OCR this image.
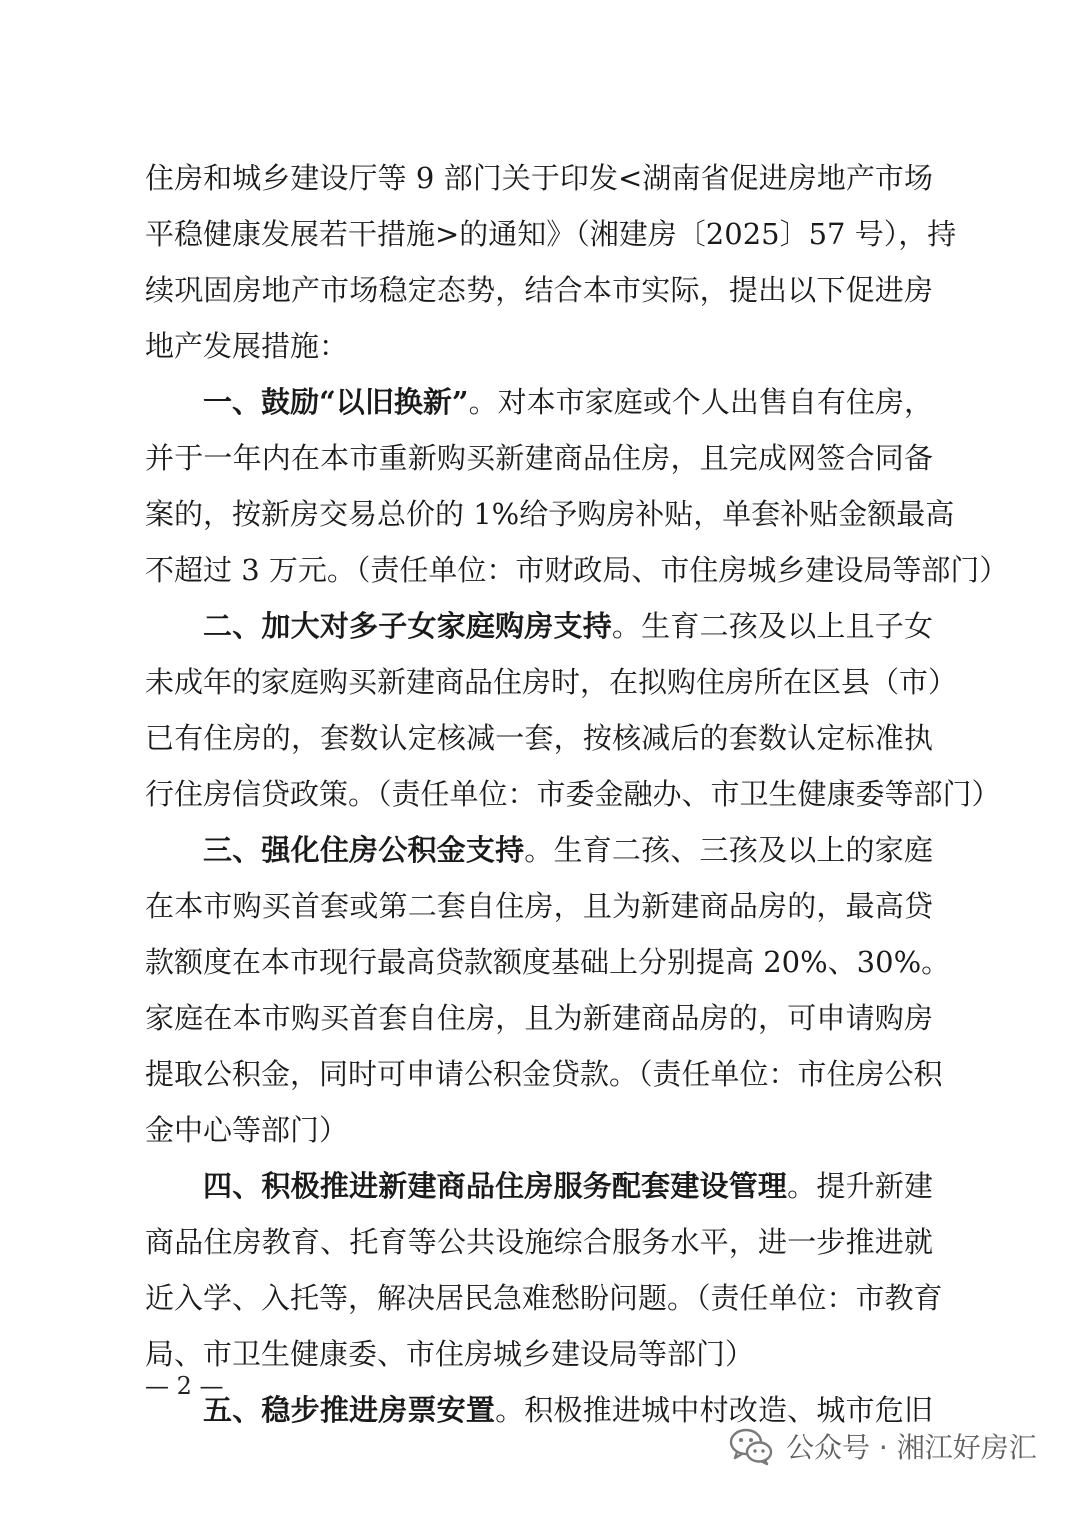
住房和城乡建设厅等 9 部门关于印发<湖南省促进房地产市场
平稳健康发展若干措施>的通知》（湘建房〔2025〕57 号），持
续巩固房地产市场稳定态势，结合本市实际，提出以下促进房
地产发展措施：
一、鼓励“以旧换新”。对本市家庭或个人出售自有住房，
并于一年内在本市重新购买新建商品住房，且完成网签合同备
案的，按新房交易总价的 1%给予购房补贴，单套补贴金额最高
不超过 3 万元。（责任单位：市财政局、市住房城乡建设局等部门）
二、加大对多子女家庭购房支持。生育二孩及以上且子女
未成年的家庭购买新建商品住房时，在拟购住房所在区县（市）
已有住房的，套数认定核减一套，按核减后的套数认定标准执
行住房信贷政策。（责任单位：市委金融办、市卫生健康委等部门）
三、强化住房公积金支持。生育二孩、三孩及以上的家庭
在本市购买首套或第二套自住房，且为新建商品房的，最高贷
款额度在本市现行最高贷款额度基础上分别提高 20%、30%。
家庭在本市购买首套自住房，且为新建商品房的，可申请购房
提取公积金，同时可申请公积金贷款。（责任单位：市住房公积
金中心等部门）
四、积极推进新建商品住房服务配套建设管理。提升新建
商品住房教育、托育等公共设施综合服务水平，进一步推进就
近入学、入托等，解决居民急难愁盼问题。（责任单位：市教育
局、市卫生健康委、市住房城乡建设局等部门）
五、稳步推进房票安置。积极推进城中村改造、城市危旧
— 2 —
公众号 · 湘江好房汇
